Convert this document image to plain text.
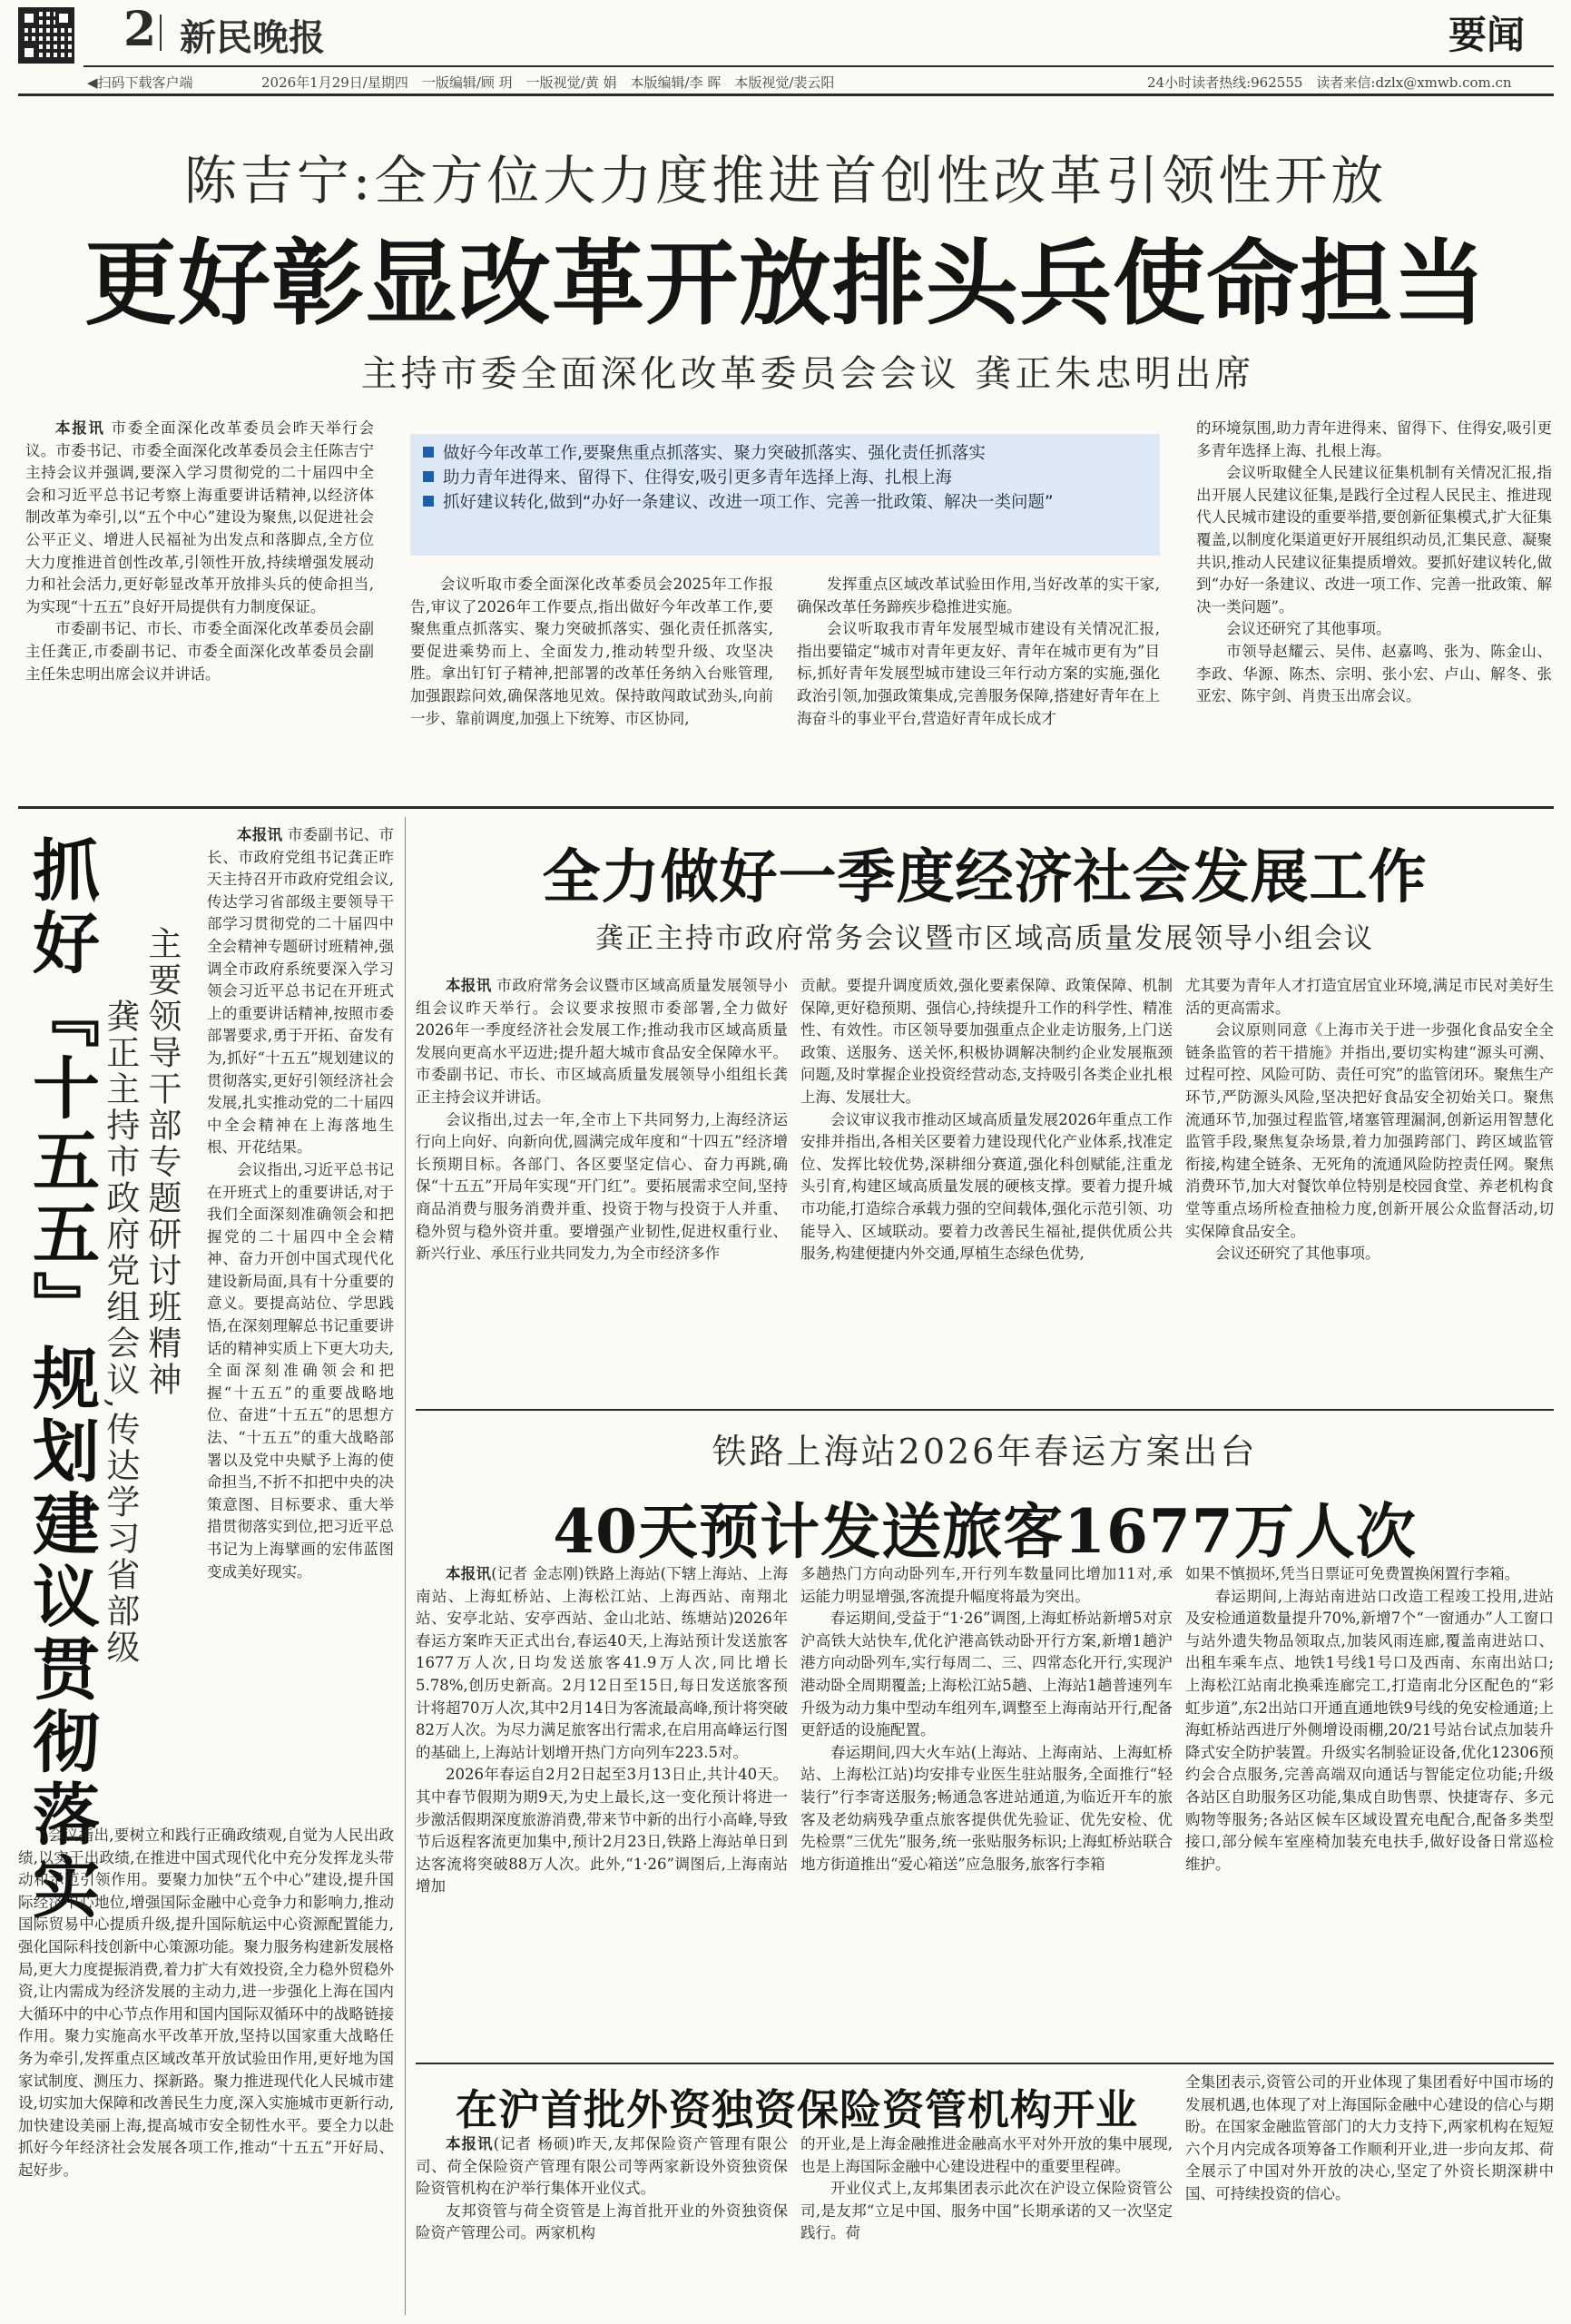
2 新民晚报	要闻
◀扫码下载客户端	2026年1月29日/星期四　一版编辑/顾 玥　一版视觉/黄 娟　本版编辑/李 晖　本版视觉/裴云阳	24小时读者热线:962555　读者来信:dzlx@xmwb.com.cn
陈吉宁:全方位大力度推进首创性改革引领性开放
更好彰显改革开放排头兵使命担当
主持市委全面深化改革委员会会议 龚正朱忠明出席

本报讯 市委全面深化改革委员会昨天举行会议。市委书记、市委全面深化改革委员会主任陈吉宁主持会议并强调,要深入学习贯彻党的二十届四中全会和习近平总书记考察上海重要讲话精神,以经济体制改革为牵引,以“五个中心”建设为聚焦,以促进社会公平正义、增进人民福祉为出发点和落脚点,全方位大力度推进首创性改革,引领性开放,持续增强发展动力和社会活力,更好彰显改革开放排头兵的使命担当,为实现“十五五”良好开局提供有力制度保证。

市委副书记、市长、市委全面深化改革委员会副主任龚正,市委副书记、市委全面深化改革委员会副主任朱忠明出席会议并讲话。

做好今年改革工作,要聚焦重点抓落实、聚力突破抓落实、强化责任抓落实
助力青年进得来、留得下、住得安,吸引更多青年选择上海、扎根上海
抓好建议转化,做到“办好一条建议、改进一项工作、完善一批政策、解决一类问题”

会议听取市委全面深化改革委员会2025年工作报告,审议了2026年工作要点,指出做好今年改革工作,要聚焦重点抓落实、聚力突破抓落实、强化责任抓落实,要促进乘势而上、全面发力,推动转型升级、攻坚决胜。拿出钉钉子精神,把部署的改革任务纳入台账管理,加强跟踪问效,确保落地见效。保持敢闯敢试劲头,向前一步、靠前调度,加强上下统筹、市区协同,

发挥重点区域改革试验田作用,当好改革的实干家,确保改革任务蹄疾步稳推进实施。

会议听取我市青年发展型城市建设有关情况汇报,指出要锚定“城市对青年更友好、青年在城市更有为”目标,抓好青年发展型城市建设三年行动方案的实施,强化政治引领,加强政策集成,完善服务保障,搭建好青年在上海奋斗的事业平台,营造好青年成长成才

的环境氛围,助力青年进得来、留得下、住得安,吸引更多青年选择上海、扎根上海。

会议听取健全人民建议征集机制有关情况汇报,指出开展人民建议征集,是践行全过程人民民主、推进现代人民城市建设的重要举措,要创新征集模式,扩大征集覆盖,以制度化渠道更好开展组织动员,汇集民意、凝聚共识,推动人民建议征集提质增效。要抓好建议转化,做到“办好一条建议、改进一项工作、完善一批政策、解决一类问题”。

会议还研究了其他事项。

市领导赵耀云、吴伟、赵嘉鸣、张为、陈金山、李政、华源、陈杰、宗明、张小宏、卢山、解冬、张亚宏、陈宇剑、肖贵玉出席会议。

抓好『十五五』规划建议贯彻落实 主要领导干部专题研讨班精神
龚正主持市政府党组会议,传达学习省部级

本报讯 市委副书记、市长、市政府党组书记龚正昨天主持召开市政府党组会议,传达学习省部级主要领导干部学习贯彻党的二十届四中全会精神专题研讨班精神,强调全市政府系统要深入学习领会习近平总书记在开班式上的重要讲话精神,按照市委部署要求,勇于开拓、奋发有为,抓好“十五五”规划建议的贯彻落实,更好引领经济社会发展,扎实推动党的二十届四中全会精神在上海落地生根、开花结果。

会议指出,习近平总书记在开班式上的重要讲话,对于我们全面深刻准确领会和把握党的二十届四中全会精神、奋力开创中国式现代化建设新局面,具有十分重要的意义。要提高站位、学思践悟,在深刻理解总书记重要讲话的精神实质上下更大功夫,全面深刻准确领会和把握“十五五”的重要战略地位、奋进“十五五”的思想方法、“十五五”的重大战略部署以及党中央赋予上海的使命担当,不折不扣把中央的决策意图、目标要求、重大举措贯彻落实到位,把习近平总书记为上海擘画的宏伟蓝图变成美好现实。

会议指出,要树立和践行正确政绩观,自觉为人民出政绩,以实干出政绩,在推进中国式现代化中充分发挥龙头带动和示范引领作用。要聚力加快“五个中心”建设,提升国际经济中心地位,增强国际金融中心竞争力和影响力,推动国际贸易中心提质升级,提升国际航运中心资源配置能力,强化国际科技创新中心策源功能。聚力服务构建新发展格局,更大力度提振消费,着力扩大有效投资,全力稳外贸稳外资,让内需成为经济发展的主动力,进一步强化上海在国内大循环中的中心节点作用和国内国际双循环中的战略链接作用。聚力实施高水平改革开放,坚持以国家重大战略任务为牵引,发挥重点区域改革开放试验田作用,更好地为国家试制度、测压力、探新路。聚力推进现代化人民城市建设,切实加大保障和改善民生力度,深入实施城市更新行动,加快建设美丽上海,提高城市安全韧性水平。要全力以赴抓好今年经济社会发展各项工作,推动“十五五”开好局、起好步。

全力做好一季度经济社会发展工作
龚正主持市政府常务会议暨市区域高质量发展领导小组会议

本报讯 市政府常务会议暨市区域高质量发展领导小组会议昨天举行。会议要求按照市委部署,全力做好2026年一季度经济社会发展工作;推动我市区域高质量发展向更高水平迈进;提升超大城市食品安全保障水平。市委副书记、市长、市区域高质量发展领导小组组长龚正主持会议并讲话。

会议指出,过去一年,全市上下共同努力,上海经济运行向上向好、向新向优,圆满完成年度和“十四五”经济增长预期目标。各部门、各区要坚定信心、奋力再跳,确保“十五五”开局年实现“开门红”。要拓展需求空间,坚持商品消费与服务消费并重、投资于物与投资于人并重、稳外贸与稳外资并重。要增强产业韧性,促进权重行业、新兴行业、承压行业共同发力,为全市经济多作

贡献。要提升调度质效,强化要素保障、政策保障、机制保障,更好稳预期、强信心,持续提升工作的科学性、精准性、有效性。市区领导要加强重点企业走访服务,上门送政策、送服务、送关怀,积极协调解决制约企业发展瓶颈问题,及时掌握企业投资经营动态,支持吸引各类企业扎根上海、发展壮大。

会议审议我市推动区域高质量发展2026年重点工作安排并指出,各相关区要着力建设现代化产业体系,找准定位、发挥比较优势,深耕细分赛道,强化科创赋能,注重龙头引育,构建区域高质量发展的硬核支撑。要着力提升城市功能,打造综合承载力强的空间载体,强化示范引领、功能导入、区域联动。要着力改善民生福祉,提供优质公共服务,构建便捷内外交通,厚植生态绿色优势,

尤其要为青年人才打造宜居宜业环境,满足市民对美好生活的更高需求。

会议原则同意《上海市关于进一步强化食品安全全链条监管的若干措施》并指出,要切实构建“源头可溯、过程可控、风险可防、责任可究”的监管闭环。聚焦生产环节,严防源头风险,坚决把好食品安全初始关口。聚焦流通环节,加强过程监管,堵塞管理漏洞,创新运用智慧化监管手段,聚焦复杂场景,着力加强跨部门、跨区域监管衔接,构建全链条、无死角的流通风险防控责任网。聚焦消费环节,加大对餐饮单位特别是校园食堂、养老机构食堂等重点场所检查抽检力度,创新开展公众监督活动,切实保障食品安全。

会议还研究了其他事项。

铁路上海站2026年春运方案出台
40天预计发送旅客1677万人次

本报讯(记者 金志刚)铁路上海站(下辖上海站、上海南站、上海虹桥站、上海松江站、上海西站、南翔北站、安亭北站、安亭西站、金山北站、练塘站)2026年春运方案昨天正式出台,春运40天,上海站预计发送旅客1677万人次,日均发送旅客41.9万人次,同比增长5.78%,创历史新高。2月12日至15日,每日发送旅客预计将超70万人次,其中2月14日为客流最高峰,预计将突破82万人次。为尽力满足旅客出行需求,在启用高峰运行图的基础上,上海站计划增开热门方向列车223.5对。

2026年春运自2月2日起至3月13日止,共计40天。其中春节假期为期9天,为史上最长,这一变化预计将进一步激活假期深度旅游消费,带来节中新的出行小高峰,导致节后返程客流更加集中,预计2月23日,铁路上海站单日到达客流将突破88万人次。此外,“1·26”调图后,上海南站增加

多趟热门方向动卧列车,开行列车数量同比增加11对,承运能力明显增强,客流提升幅度将最为突出。

春运期间,受益于“1·26”调图,上海虹桥站新增5对京沪高铁大站快车,优化沪港高铁动卧开行方案,新增1趟沪港方向动卧列车,实行每周二、三、四常态化开行,实现沪港动卧全周期覆盖;上海松江站5趟、上海站1趟普速列车升级为动力集中型动车组列车,调整至上海南站开行,配备更舒适的设施配置。

春运期间,四大火车站(上海站、上海南站、上海虹桥站、上海松江站)均安排专业医生驻站服务,全面推行“轻装行”行李寄送服务;畅通急客进站通道,为临近开车的旅客及老幼病残孕重点旅客提供优先验证、优先安检、优先检票“三优先”服务,统一张贴服务标识;上海虹桥站联合地方街道推出“爱心箱送”应急服务,旅客行李箱

如果不慎损坏,凭当日票证可免费置换闲置行李箱。

春运期间,上海站南进站口改造工程竣工投用,进站及安检通道数量提升70%,新增7个“一窗通办”人工窗口与站外遗失物品领取点,加装风雨连廊,覆盖南进站口、出租车乘车点、地铁1号线1号口及西南、东南出站口;上海松江站南北换乘连廊完工,打造南北分区配色的“彩虹步道”,东2出站口开通直通地铁9号线的免安检通道;上海虹桥站西进厅外侧增设雨棚,20/21号站台试点加装升降式安全防护装置。升级实名制验证设备,优化12306预约会合点服务,完善高端双向通话与智能定位功能;升级各站区自助服务区功能,集成自助售票、快捷寄存、多元购物等服务;各站区候车区域设置充电配合,配备多类型接口,部分候车室座椅加装充电扶手,做好设备日常巡检维护。

在沪首批外资独资保险资管机构开业

本报讯(记者 杨硕)昨天,友邦保险资产管理有限公司、荷全保险资产管理有限公司等两家新设外资独资保险资管机构在沪举行集体开业仪式。

友邦资管与荷全资管是上海首批开业的外资独资保险资产管理公司。两家机构

的开业,是上海金融推进金融高水平对外开放的集中展现,也是上海国际金融中心建设进程中的重要里程碑。

开业仪式上,友邦集团表示此次在沪设立保险资管公司,是友邦“立足中国、服务中国”长期承诺的又一次坚定践行。荷

全集团表示,资管公司的开业体现了集团看好中国市场的发展机遇,也体现了对上海国际金融中心建设的信心与期盼。在国家金融监管部门的大力支持下,两家机构在短短六个月内完成各项筹备工作顺利开业,进一步向友邦、荷全展示了中国对外开放的决心,坚定了外资长期深耕中国、可持续投资的信心。
